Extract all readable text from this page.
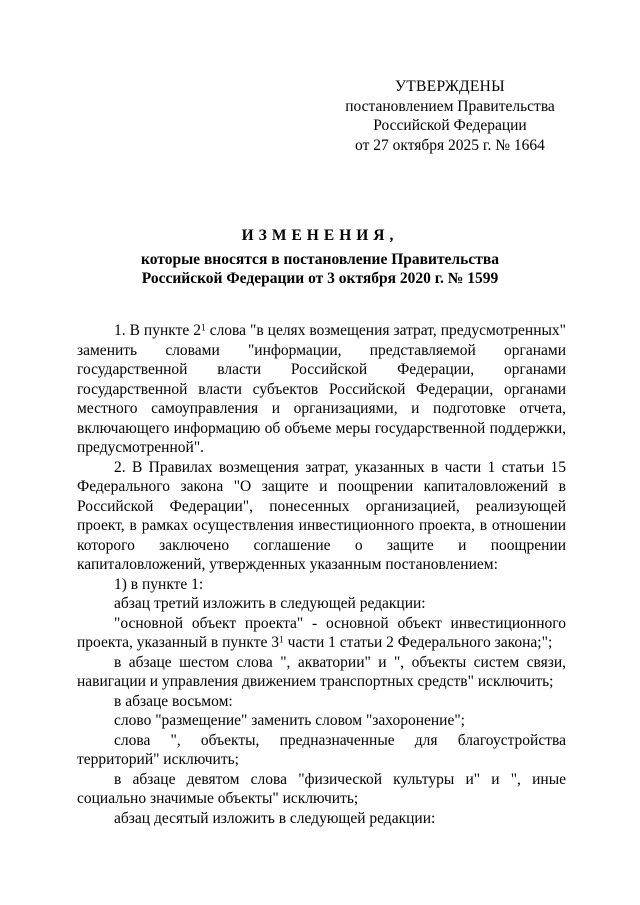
УТВЕРЖДЕНЫ
постановлением Правительства
Российской Федерации
от 27 октября 2025 г. № 1664
ИЗМЕНЕНИЯ,
которые вносятся в постановление Правительства
Российской Федерации от 3 октября 2020 г. № 1599

1. В пункте $2^1$ слова "в целях возмещения затрат, предусмотренных" заменить словами "информации, представляемой органами государственной власти Российской Федерации, органами государственной власти субъектов Российской Федерации, органами местного самоуправления и организациями, и подготовке отчета, включающего информацию об объеме меры государственной поддержки, предусмотренной".

2. В Правилах возмещения затрат, указанных в части 1 статьи 15 Федерального закона "О защите и поощрении капиталовложений в Российской Федерации", понесенных организацией, реализующей проект, в рамках осуществления инвестиционного проекта, в отношении которого заключено соглашение о защите и поощрении капиталовложений, утвержденных указанным постановлением:

1) в пункте 1:

абзац третий изложить в следующей редакции:

"основной объект проекта" - основной объект инвестиционного проекта, указанный в пункте $3^1$ части 1 статьи 2 Федерального закона;";

в абзаце шестом слова ", акватории" и ", объекты систем связи, навигации и управления движением транспортных средств" исключить;

в абзаце восьмом:

слово "размещение" заменить словом "захоронение";

слова ", объекты, предназначенные для благоустройства территорий" исключить;

в абзаце девятом слова "физической культуры и" и ", иные социально значимые объекты" исключить;

абзац десятый изложить в следующей редакции:
